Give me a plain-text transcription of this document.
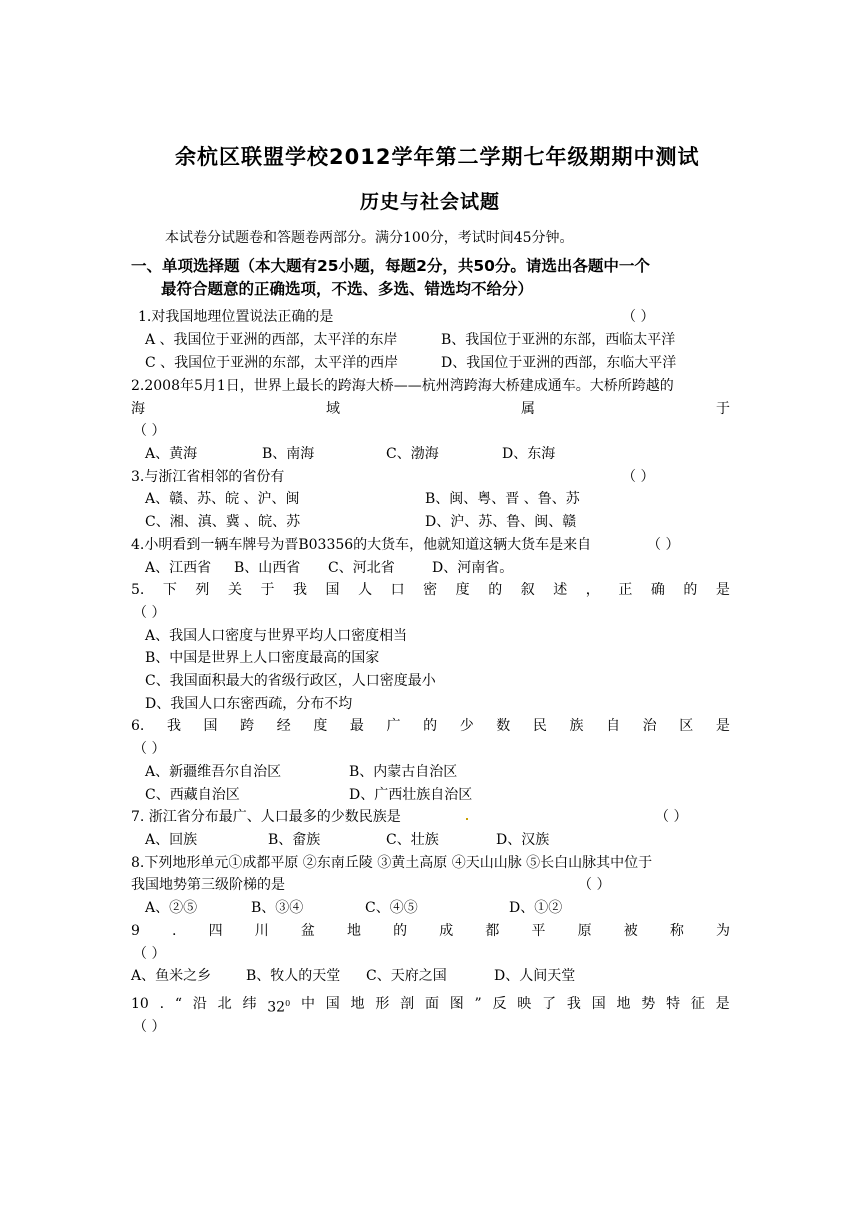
余杭区联盟学校2012学年第二学期七年级期期中测试
历史与社会试题
本试卷分试题卷和答题卷两部分。满分100分，考试时间45分钟。
一、单项选择题（本大题有25小题，每题2分，共50分。请选出各题中一个
最符合题意的正确选项，不选、多选、错选均不给分）
1.对我国地理位置说法正确的是	（ ）
A 、我国位于亚洲的西部，太平洋的东岸	B、我国位于亚洲的东部，西临太平洋
C 、我国位于亚洲的东部，太平洋的西岸	D、我国位于亚洲的西部，东临大平洋
2.2008年5月1日，世界上最长的跨海大桥——杭州湾跨海大桥建成通车。大桥所跨越的
海	域	属	于
（ ）
A、黄海	B、南海	C、渤海	D、东海
3.与浙江省相邻的省份有	（ ）
A、赣、苏、皖 、沪、闽	B、闽、粤、晋 、鲁、苏
C、湘、滇、冀 、皖、苏	D、沪、苏、鲁、闽、赣
4.小明看到一辆车牌号为晋B03356的大货车，他就知道这辆大货车是来自	（ ）
A、江西省 B、山西省 C、河北省	D、河南省。
5. 下 列 关 于 我 国 人 口 密 度 的 叙 述 ， 正 确 的 是
（ ）
A、我国人口密度与世界平均人口密度相当
B、中国是世界上人口密度最高的国家
C、我国面积最大的省级行政区，人口密度最小
D、我国人口东密西疏，分布不均
6. 我 国 跨 经 度 最 广 的 少 数 民 族 自 治 区 是
（ ）
A、新疆维吾尔自治区	B、内蒙古自治区
C、西藏自治区	D、广西壮族自治区
7. 浙江省分布最广、人口最多的少数民族是	（ ）
A、回族	B、畲族	C、壮族	D、汉族
8.下列地形单元①成都平原 ②东南丘陵 ③黄土高原 ④天山山脉 ⑤长白山脉其中位于
我国地势第三级阶梯的是	（ ）
A、②⑤	B、③④	C、④⑤	D、①②
9 . 四 川 盆 地 的 成 都 平 原 被 称 为
（ ）
A、鱼米之乡 B、牧人的天堂 C、天府之国	D、人间天堂
10 . “ 沿 北 纬 $32^0$ 中 国 地 形 剖 面 图 ” 反 映 了 我 国 地 势 特 征 是
（ ）
